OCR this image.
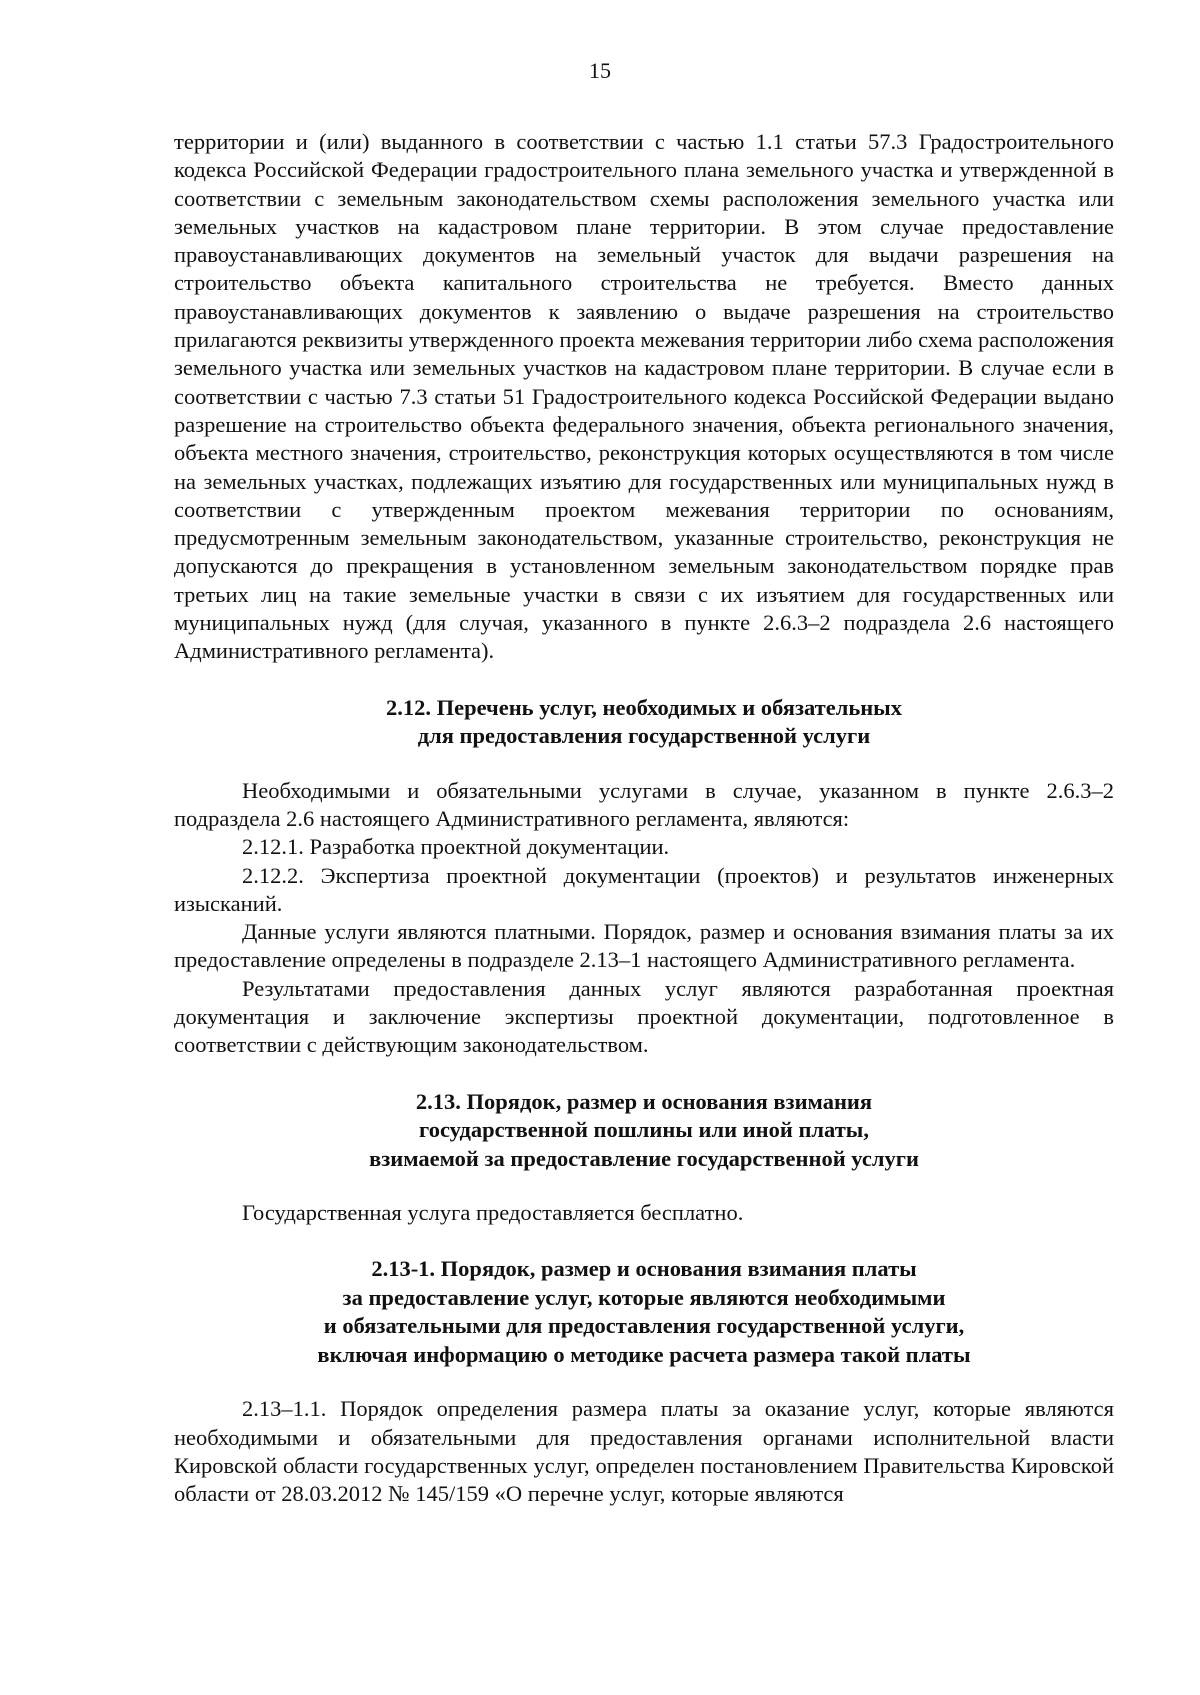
15

территории и (или) выданного в соответствии с частью 1.1 статьи 57.3 Градостроительного кодекса Российской Федерации градостроительного плана земельного участка и утвержденной в соответствии с земельным законодательством схемы расположения земельного участка или земельных участков на кадастровом плане территории. В этом случае предоставление правоустанавливающих документов на земельный участок для выдачи разрешения на строительство объекта капитального строительства не требуется. Вместо данных правоустанавливающих документов к заявлению о выдаче разрешения на строительство прилагаются реквизиты утвержденного проекта межевания территории либо схема расположения земельного участка или земельных участков на кадастровом плане территории. В случае если в соответствии с частью 7.3 статьи 51 Градостроительного кодекса Российской Федерации выдано разрешение на строительство объекта федерального значения, объекта регионального значения, объекта местного значения, строительство, реконструкция которых осуществляются в том числе на земельных участках, подлежащих изъятию для государственных или муниципальных нужд в соответствии с утвержденным проектом межевания территории по основаниям, предусмотренным земельным законодательством, указанные строительство, реконструкция не допускаются до прекращения в установленном земельным законодательством порядке прав третьих лиц на такие земельные участки в связи с их изъятием для государственных или муниципальных нужд (для случая, указанного в пункте 2.6.3–2 подраздела 2.6 настоящего Административного регламента).

2.12. Перечень услуг, необходимых и обязательных

для предоставления государственной услуги

Необходимыми и обязательными услугами в случае, указанном в пункте 2.6.3–2 подраздела 2.6 настоящего Административного регламента, являются:

2.12.1. Разработка проектной документации.

2.12.2. Экспертиза проектной документации (проектов) и результатов инженерных изысканий.

Данные услуги являются платными. Порядок, размер и основания взимания платы за их предоставление определены в подразделе 2.13–1 настоящего Административного регламента.

Результатами предоставления данных услуг являются разработанная проектная документация и заключение экспертизы проектной документации, подготовленное в соответствии с действующим законодательством.

2.13. Порядок, размер и основания взимания

государственной пошлины или иной платы,

взимаемой за предоставление государственной услуги

Государственная услуга предоставляется бесплатно.

2.13-1. Порядок, размер и основания взимания платы

за предоставление услуг, которые являются необходимыми

и обязательными для предоставления государственной услуги,

включая информацию о методике расчета размера такой платы

2.13–1.1. Порядок определения размера платы за оказание услуг, которые являются необходимыми и обязательными для предоставления органами исполнительной власти Кировской области государственных услуг, определен постановлением Правительства Кировской области от 28.03.2012 № 145/159 «О перечне услуг, которые являются
